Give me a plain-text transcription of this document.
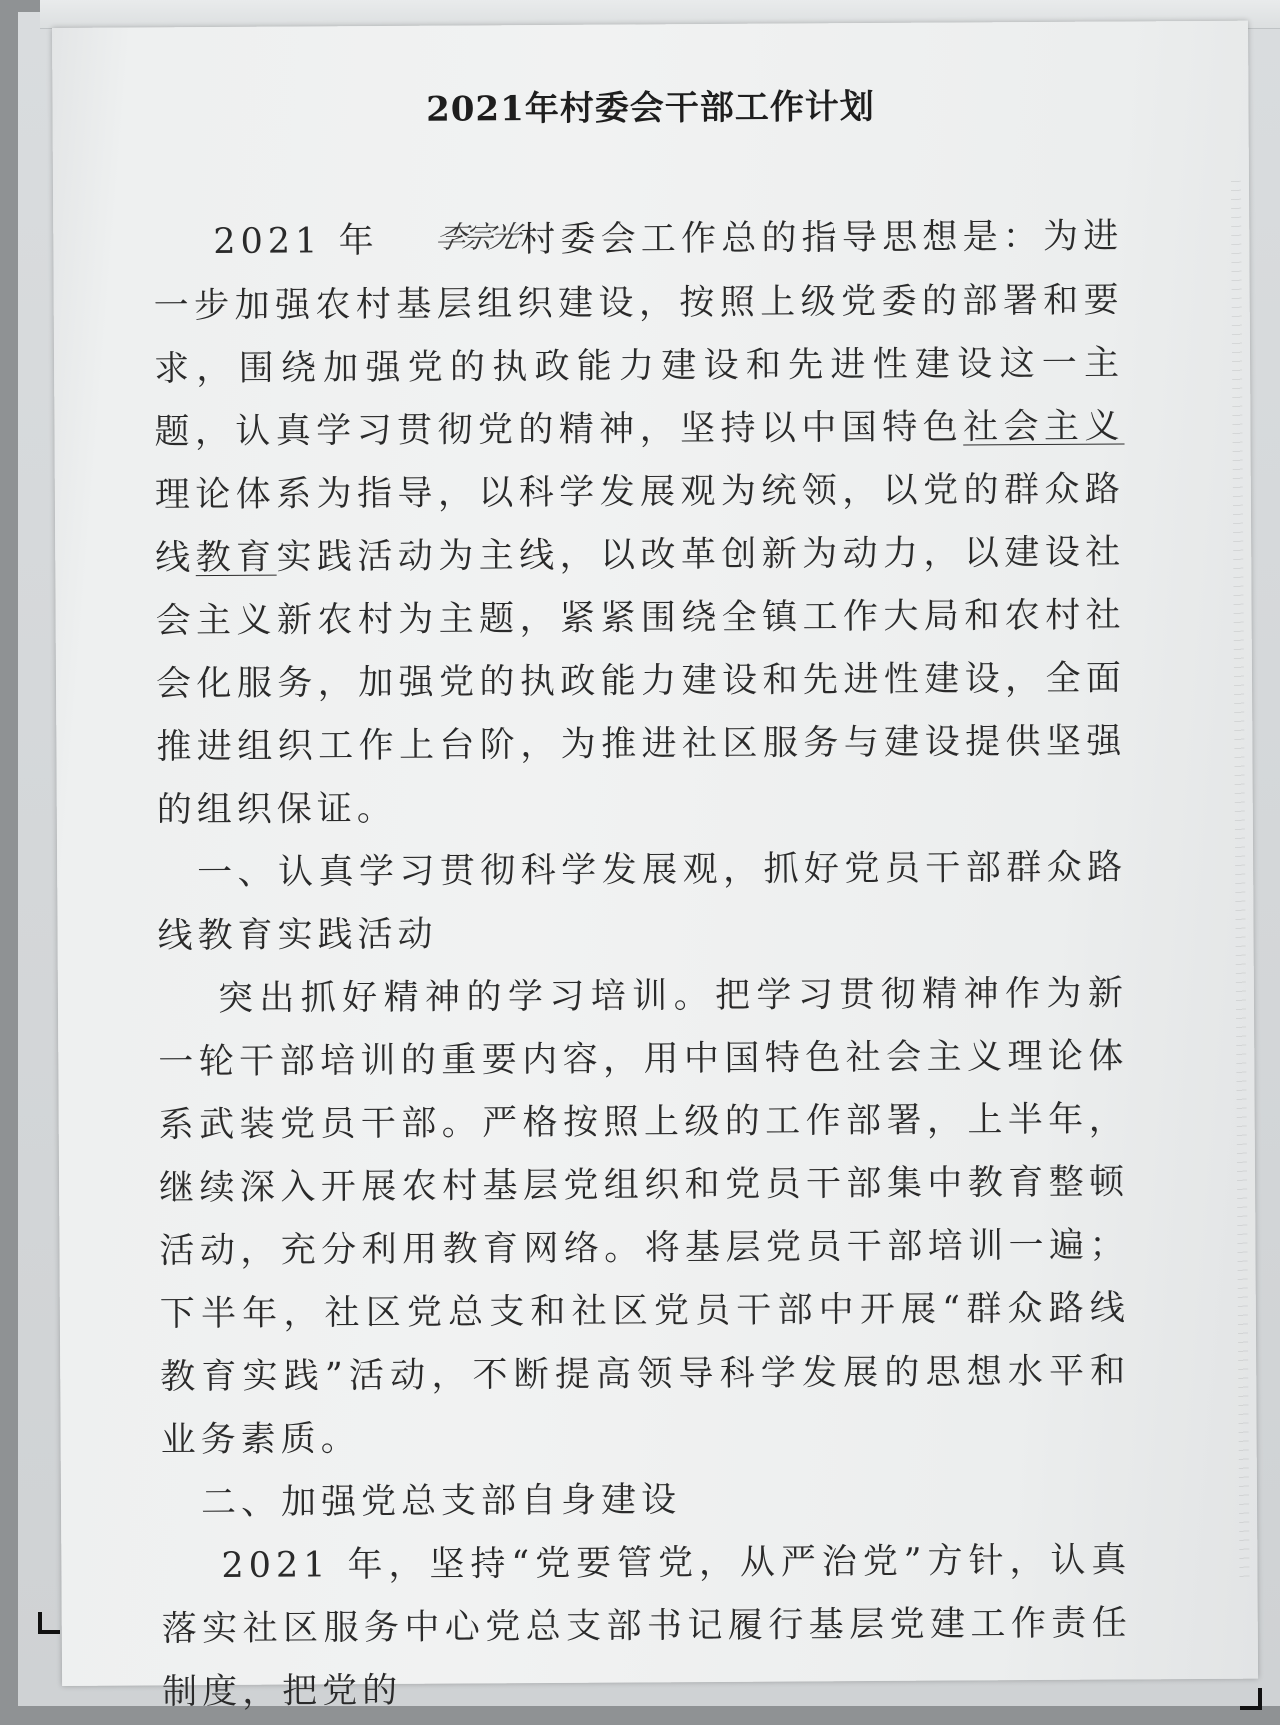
2021年村委会干部工作计划

2021 年 李宗光村委会工作总的指导思想是：为进一步加强农村基层组织建设，按照上级党委的部署和要求，围绕加强党的执政能力建设和先进性建设这一主题，认真学习贯彻党的精神，坚持以中国特色社会主义理论体系为指导，以科学发展观为统领，以党的群众路线教育实践活动为主线，以改革创新为动力，以建设社会主义新农村为主题，紧紧围绕全镇工作大局和农村社会化服务，加强党的执政能力建设和先进性建设，全面推进组织工作上台阶，为推进社区服务与建设提供坚强的组织保证。

一、认真学习贯彻科学发展观，抓好党员干部群众路线教育实践活动

突出抓好精神的学习培训。把学习贯彻精神作为新一轮干部培训的重要内容，用中国特色社会主义理论体系武装党员干部。严格按照上级的工作部署，上半年，继续深入开展农村基层党组织和党员干部集中教育整顿活动，充分利用教育网络。将基层党员干部培训一遍；下半年，社区党总支和社区党员干部中开展“群众路线教育实践”活动，不断提高领导科学发展的思想水平和业务素质。

二、加强党总支部自身建设

2021 年，坚持“党要管党，从严治党”方针，认真落实社区服务中心党总支部书记履行基层党建工作责任制度，把党的
